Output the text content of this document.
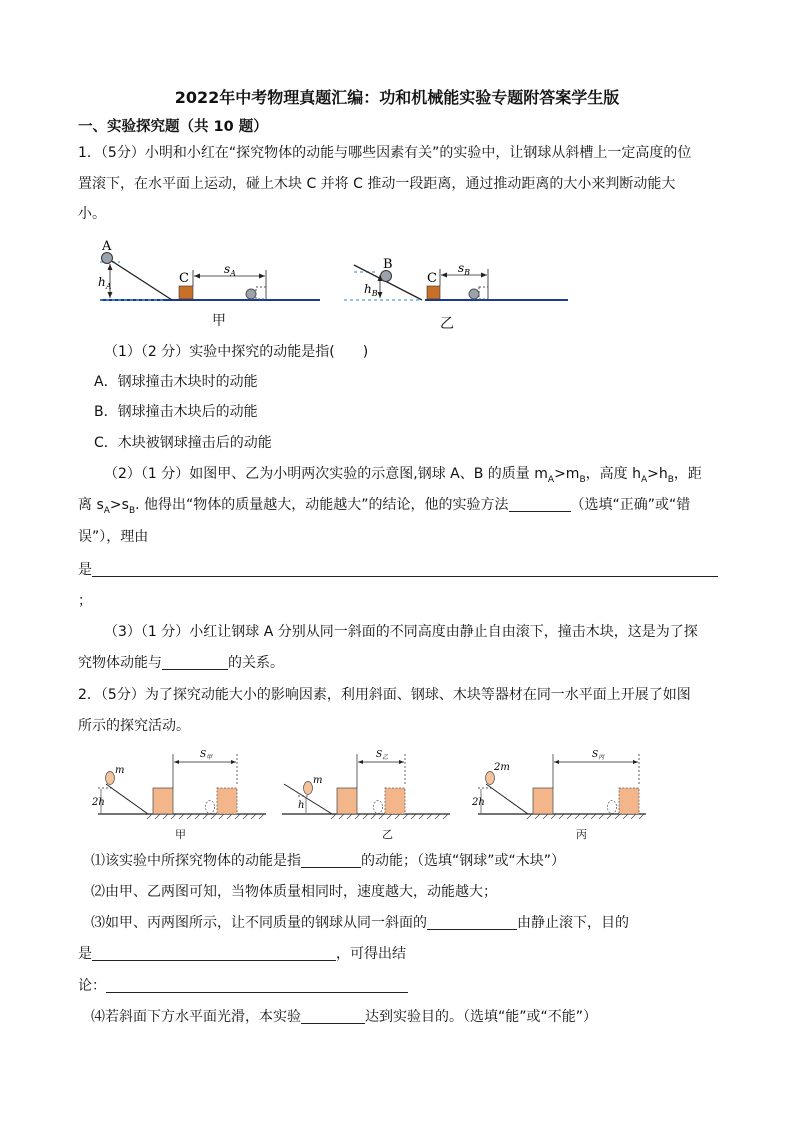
2022年中考物理真题汇编：功和机械能实验专题附答案学生版
一、实验探究题（共 10 题）
1．（5分）小明和小红在“探究物体的动能与哪些因素有关”的实验中，让钢球从斜槽上一定高度的位
置滚下，在水平面上运动，碰上木块 C 并将 C 推动一段距离，通过推动距离的大小来判断动能大
小。
A
$h_A$
C
$s_A$
甲
B
$h_B$
C
$s_B$
乙
（1）（2 分）实验中探究的动能是指(　　)
A．钢球撞击木块时的动能
B．钢球撞击木块后的动能
C．木块被钢球撞击后的动能
（2）（1 分）如图甲、乙为小明两次实验的示意图,钢球 A、B 的质量 $m_A>m_B$，高度 $h_A>h_B$，距
离 $s_A>s_B$. 他得出“物体的质量越大，动能越大”的结论，他的实验方法	（选填“正确”或“错
误”），理由
是
；
（3）（1 分）小红让钢球 A 分别从同一斜面的不同高度由静止自由滚下，撞击木块，这是为了探
究物体动能与	的关系。
2．（5分）为了探究动能大小的影响因素，利用斜面、钢球、木块等器材在同一水平面上开展了如图
所示的探究活动。
m
2h
$S_甲$
甲
m
h
$S_乙$
乙
2m
2h
$S_丙$
丙
⑴该实验中所探究物体的动能是指	的动能；（选填“钢球”或“木块”）
⑵由甲、乙两图可知，当物体质量相同时，速度越大，动能越大；
⑶如甲、丙两图所示，让不同质量的钢球从同一斜面的	由静止滚下，目的
是	，可得出结
论：
⑷若斜面下方水平面光滑，本实验	达到实验目的。（选填“能”或“不能”）
